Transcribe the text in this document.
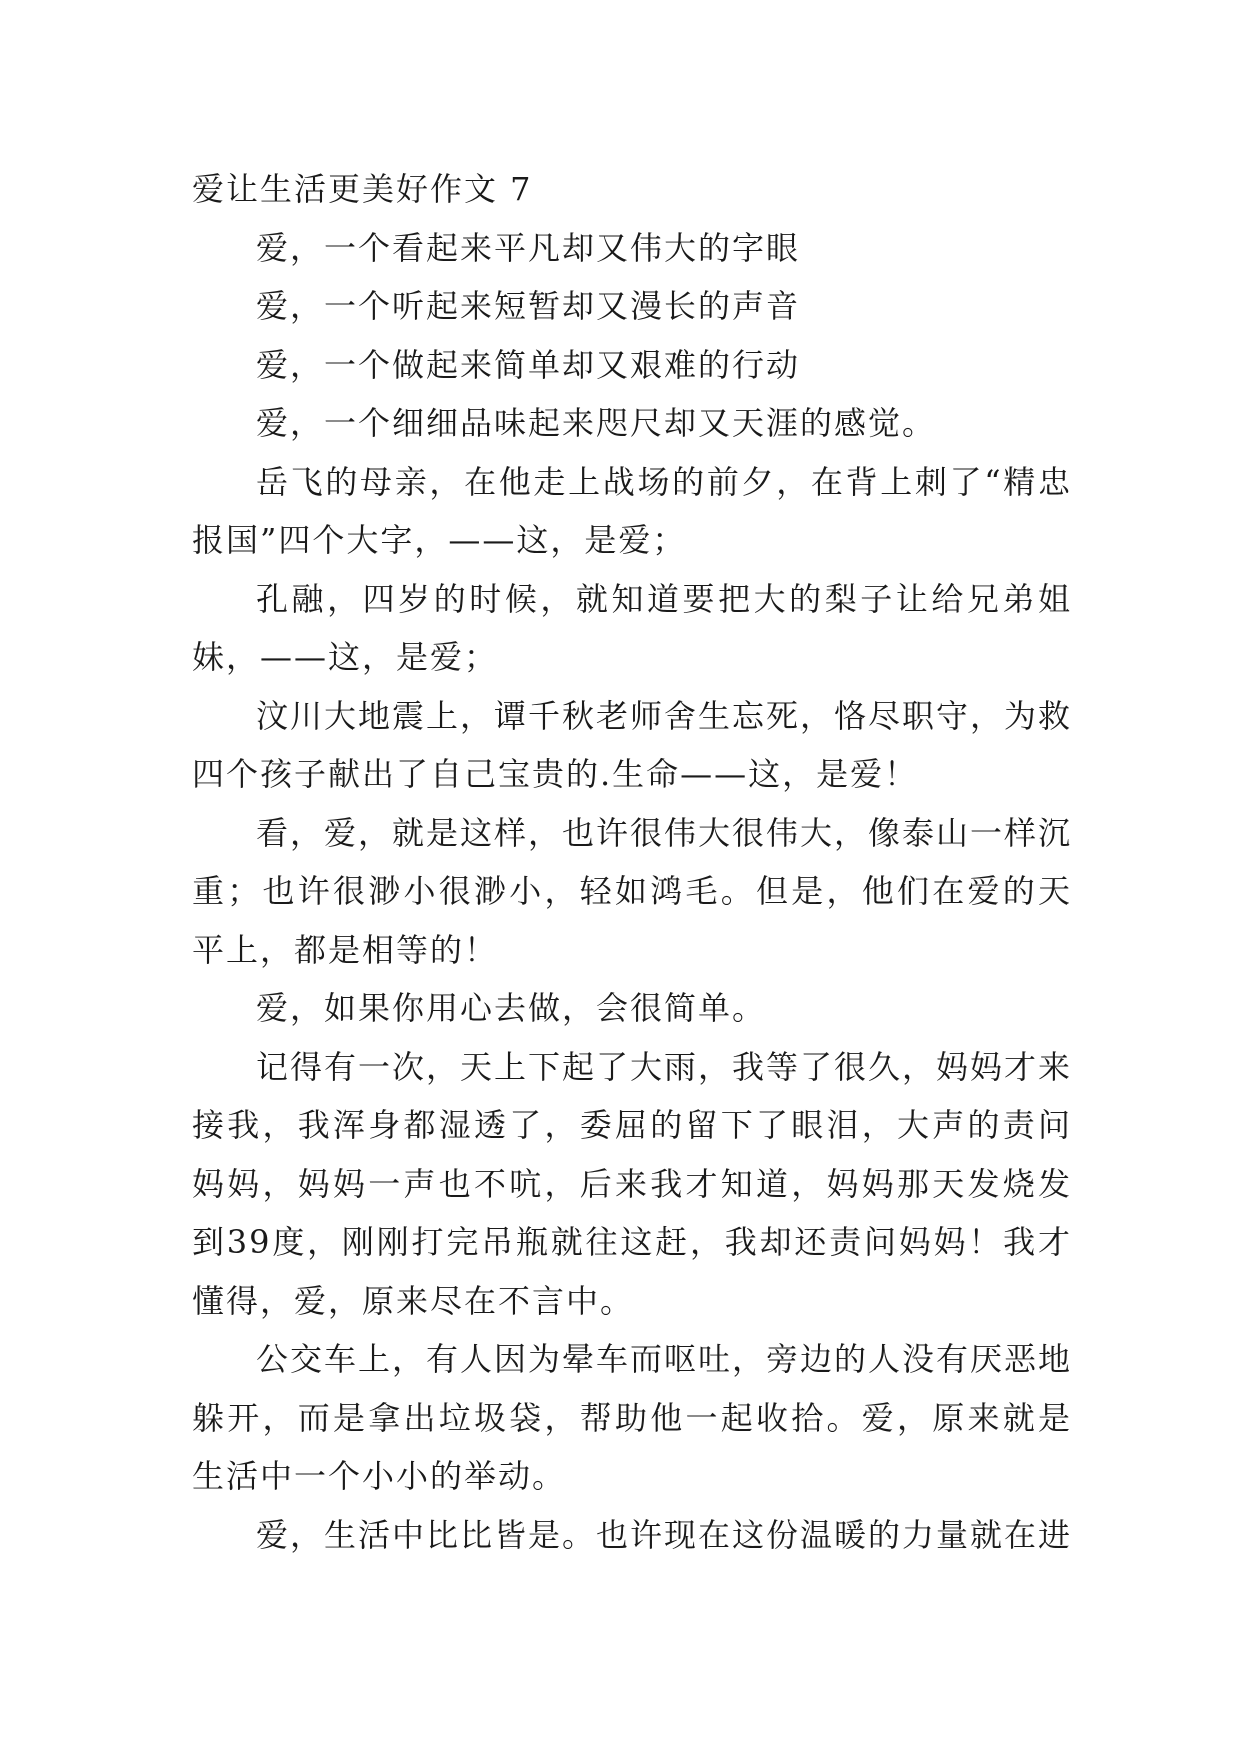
爱让生活更美好作文 7

爱，一个看起来平凡却又伟大的字眼

爱，一个听起来短暂却又漫长的声音

爱，一个做起来简单却又艰难的行动

爱，一个细细品味起来咫尺却又天涯的感觉。

岳飞的母亲，在他走上战场的前夕，在背上刺了“精忠报国”四个大字，——这，是爱；

孔融，四岁的时候，就知道要把大的梨子让给兄弟姐妹，——这，是爱；

汶川大地震上，谭千秋老师舍生忘死，恪尽职守，为救四个孩子献出了自己宝贵的.生命——这，是爱！

看，爱，就是这样，也许很伟大很伟大，像泰山一样沉重；也许很渺小很渺小，轻如鸿毛。但是，他们在爱的天平上，都是相等的！

爱，如果你用心去做，会很简单。

记得有一次，天上下起了大雨，我等了很久，妈妈才来接我，我浑身都湿透了，委屈的留下了眼泪，大声的责问妈妈，妈妈一声也不吭，后来我才知道，妈妈那天发烧发到39度，刚刚打完吊瓶就往这赶，我却还责问妈妈！我才懂得，爱，原来尽在不言中。

公交车上，有人因为晕车而呕吐，旁边的人没有厌恶地躲开，而是拿出垃圾袋，帮助他一起收拾。爱，原来就是生活中一个小小的举动。

爱，生活中比比皆是。也许现在这份温暖的力量就在进
